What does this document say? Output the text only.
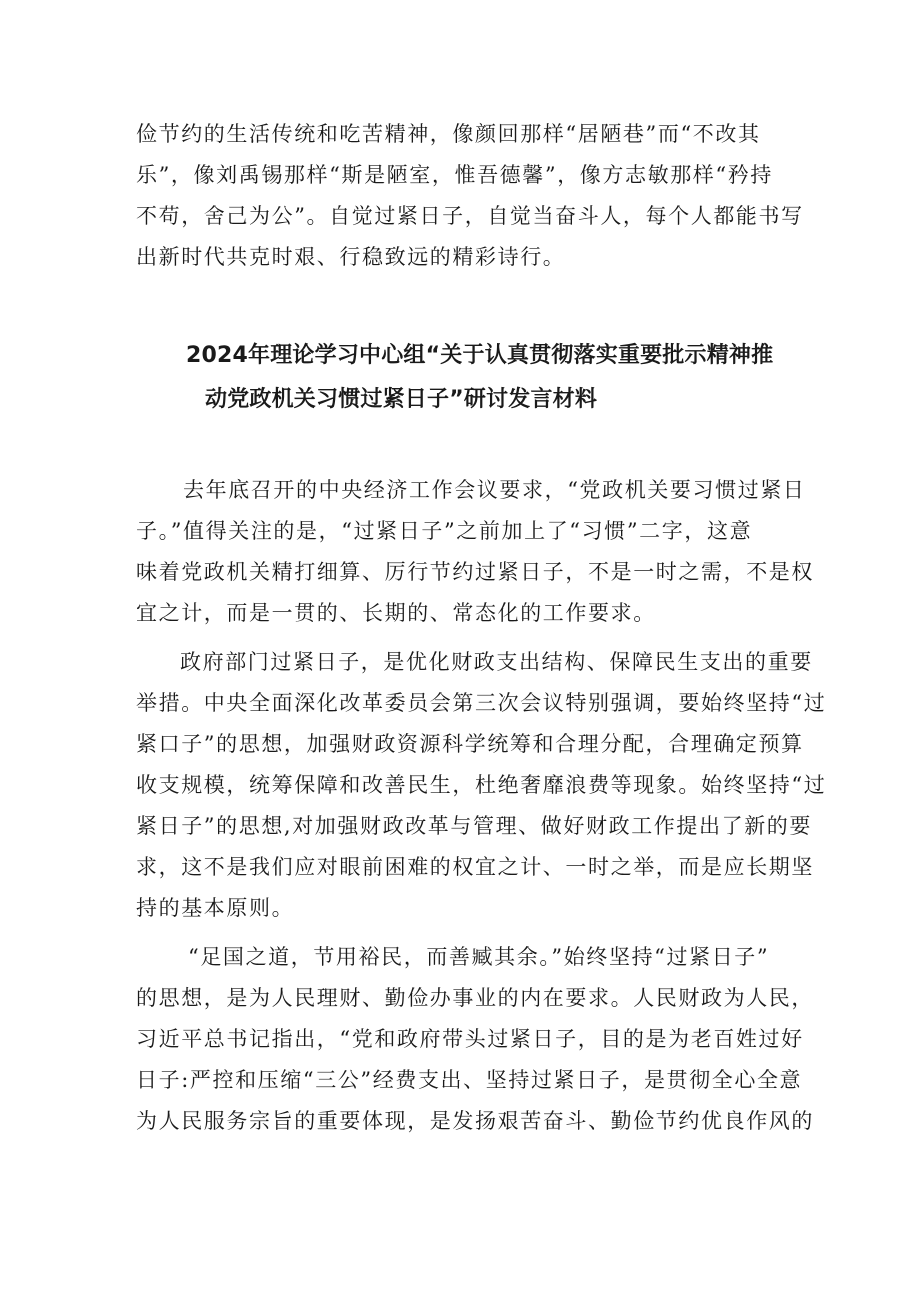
俭节约的生活传统和吃苦精神，像颜回那样“居陋巷”而“不改其
乐”，像刘禹锡那样“斯是陋室，惟吾德馨”，像方志敏那样“矜持
不苟，舍己为公”。自觉过紧日子，自觉当奋斗人，每个人都能书写
出新时代共克时艰、行稳致远的精彩诗行。
2024年理论学习中心组“关于认真贯彻落实重要批示精神推
动党政机关习惯过紧日子”研讨发言材料
去年底召开的中央经济工作会议要求，“党政机关要习惯过紧日
子。”值得关注的是，“过紧日子”之前加上了“习惯”二字，这意
味着党政机关精打细算、厉行节约过紧日子，不是一时之需，不是权
宜之计，而是一贯的、长期的、常态化的工作要求。
政府部门过紧日子，是优化财政支出结构、保障民生支出的重要
举措。中央全面深化改革委员会第三次会议特别强调，要始终坚持“过
紧口子”的思想，加强财政资源科学统筹和合理分配，合理确定预算
收支规模，统筹保障和改善民生，杜绝奢靡浪费等现象。始终坚持“过
紧日子”的思想,对加强财政改革与管理、做好财政工作提出了新的要
求，这不是我们应对眼前困难的权宜之计、一时之举，而是应长期坚
持的基本原则。
“足国之道，节用裕民，而善臧其余。”始终坚持“过紧日子”
的思想，是为人民理财、勤俭办事业的内在要求。人民财政为人民，
习近平总书记指出，“党和政府带头过紧日子，目的是为老百姓过好
日子:严控和压缩“三公”经费支出、坚持过紧日子，是贯彻全心全意
为人民服务宗旨的重要体现，是发扬艰苦奋斗、勤俭节约优良作风的
